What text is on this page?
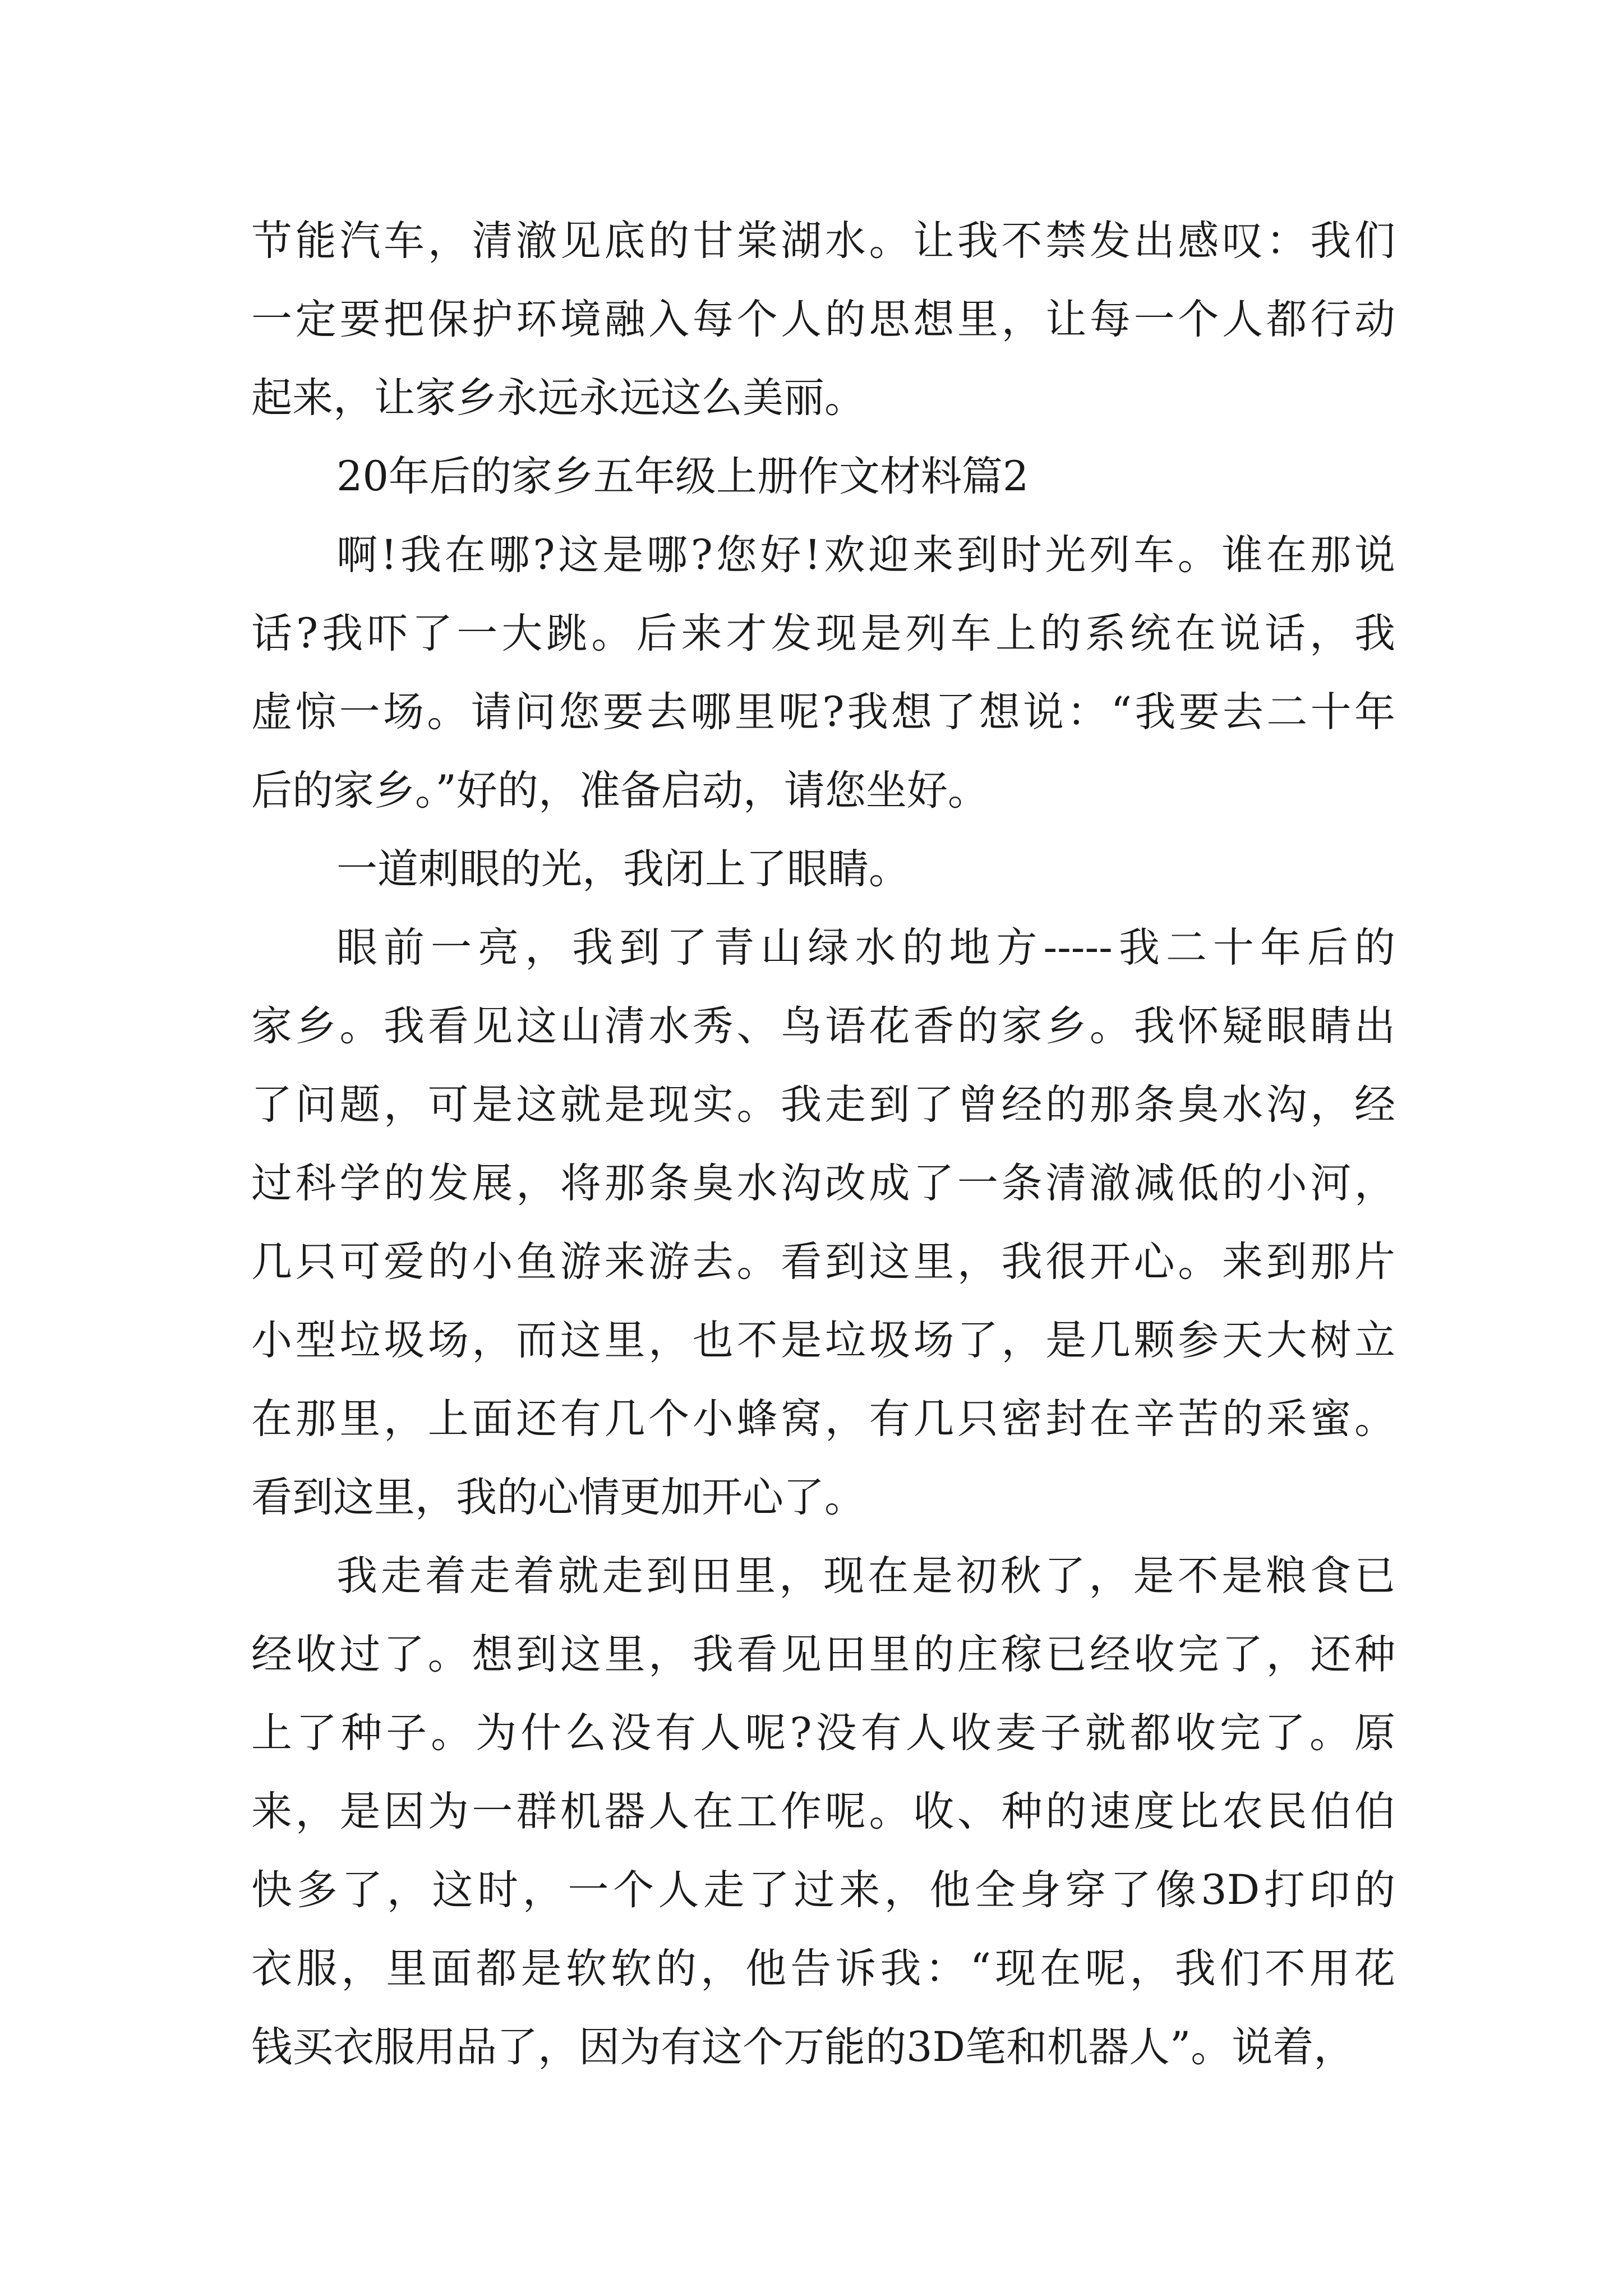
节能汽车，清澈见底的甘棠湖水。让我不禁发出感叹：我们
一定要把保护环境融入每个人的思想里，让每一个人都行动
起来，让家乡永远永远这么美丽。
20年后的家乡五年级上册作文材料篇2
啊!我在哪?这是哪?您好!欢迎来到时光列车。谁在那说
话?我吓了一大跳。后来才发现是列车上的系统在说话，我
虚惊一场。请问您要去哪里呢?我想了想说：“我要去二十年
后的家乡。”好的，准备启动，请您坐好。
一道刺眼的光，我闭上了眼睛。
眼前一亮，我到了青山绿水的地方-----我二十年后的
家乡。我看见这山清水秀、鸟语花香的家乡。我怀疑眼睛出
了问题，可是这就是现实。我走到了曾经的那条臭水沟，经
过科学的发展，将那条臭水沟改成了一条清澈减低的小河，
几只可爱的小鱼游来游去。看到这里，我很开心。来到那片
小型垃圾场，而这里，也不是垃圾场了，是几颗参天大树立
在那里，上面还有几个小蜂窝，有几只密封在辛苦的采蜜。
看到这里，我的心情更加开心了。
我走着走着就走到田里，现在是初秋了，是不是粮食已
经收过了。想到这里，我看见田里的庄稼已经收完了，还种
上了种子。为什么没有人呢?没有人收麦子就都收完了。原
来，是因为一群机器人在工作呢。收、种的速度比农民伯伯
快多了，这时，一个人走了过来，他全身穿了像3D打印的
衣服，里面都是软软的，他告诉我：“现在呢，我们不用花
钱买衣服用品了，因为有这个万能的3D笔和机器人”。说着，
